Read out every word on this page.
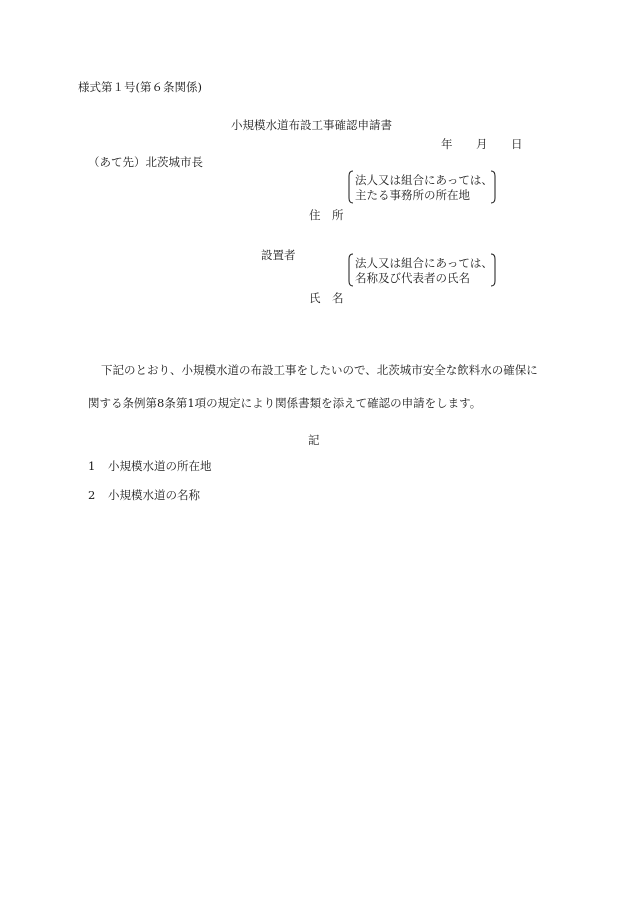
様式第１号(第６条関係)
小規模水道布設工事確認申請書
年 月 日
（あて先）北茨城市長
法人又は組合にあっては、
主たる事務所の所在地
住　所
設置者
法人又は組合にあっては、
名称及び代表者の氏名
氏　名
下記のとおり、小規模水道の布設工事をしたいので、北茨城市安全な飲料水の確保に
関する条例第8条第1項の規定により関係書類を添えて確認の申請をします。
記
1 小規模水道の所在地
2 小規模水道の名称
